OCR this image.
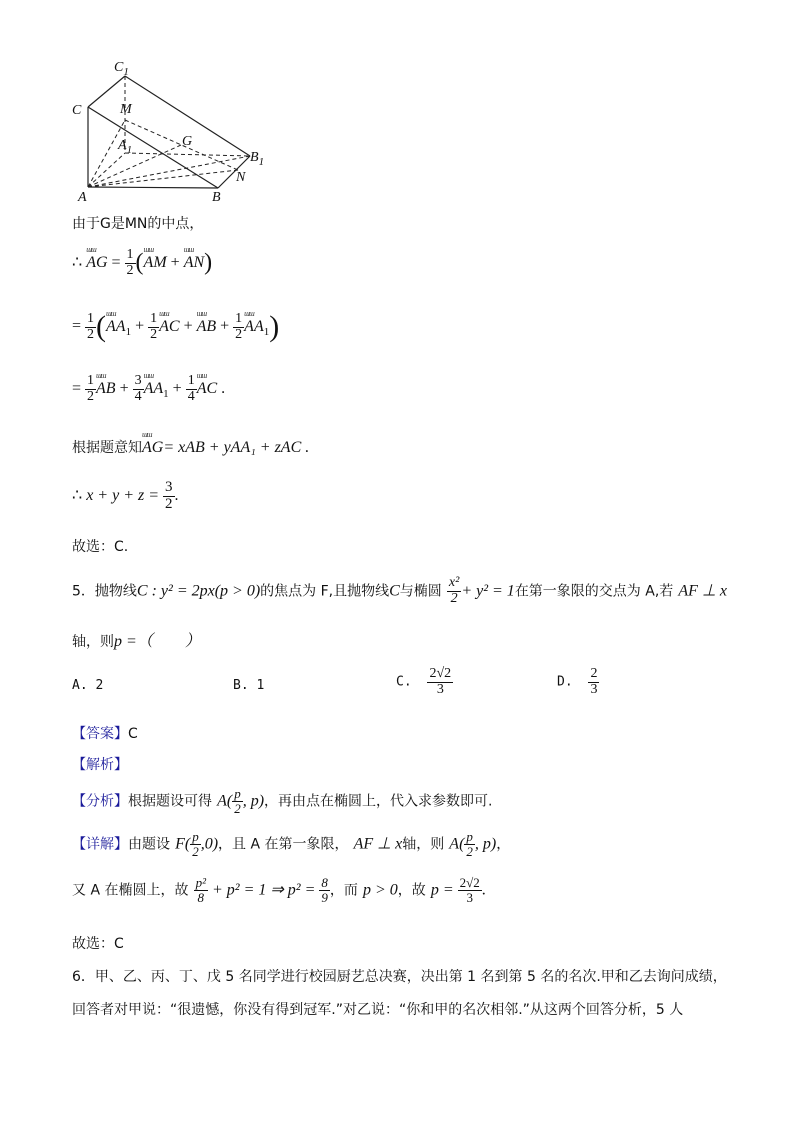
$C_1$
C	M
$A_1$
G
$B_1$
N
A	B
由于G是MN的中点，
∴ ɯɯ AG = $\frac{1}{2}$ (ɯɯ AM + ɯɯ AN)
= $\frac{1}{2}$ (ɯɯ $AA_1 + \frac{1}{2}$ ɯɯ AC + ɯɯ AB + $\frac{1}{2}$ ɯɯ $AA_1$)
= $\frac{1}{2}$ ɯɯ AB + $\frac{3}{4}$ ɯɯ $AA_1 + \frac{1}{4}$ ɯɯ AC .
根据题意知ɯɯ AG= xAB + yAA₁ + zAC .
∴ $x + y + z = \frac{3}{2}$ .
故选：C.
5．抛物线C : y² = 2px(p > 0)的焦点为 F,且抛物线C与椭圆 $\frac{\text{x²}}{2} + y^2 = 1$在第一象限的交点为 A,若 AF ⊥ x
轴，则p =（　　）
A. 2	B. 1	C. $\frac{2√2}{3}$	D. $\frac{2}{3}$
【答案】C
【解析】
【分析】根据题设可得 $A( \frac{p}{2}$ , p)，再由点在椭圆上，代入求参数即可.
【详解】由题设 $F( \frac{p}{2} ,0)$，且 A 在第一象限， AF ⊥ x轴，则 $A( \frac{p}{2}$ , p)，
又 A 在椭圆上，故 $\frac{\text{p²}}{8} + p^2 = 1$ ⇒ $p^2 = \frac{8}{9}$ ，而 p > 0，故 $p = \frac{2√2}{3}$ .
故选：C
6．甲、乙、丙、丁、戊 5 名同学进行校园厨艺总决赛，决出第 1 名到第 5 名的名次.甲和乙去询问成绩，
回答者对甲说：“很遗憾，你没有得到冠军.”对乙说：“你和甲的名次相邻.”从这两个回答分析，5 人
